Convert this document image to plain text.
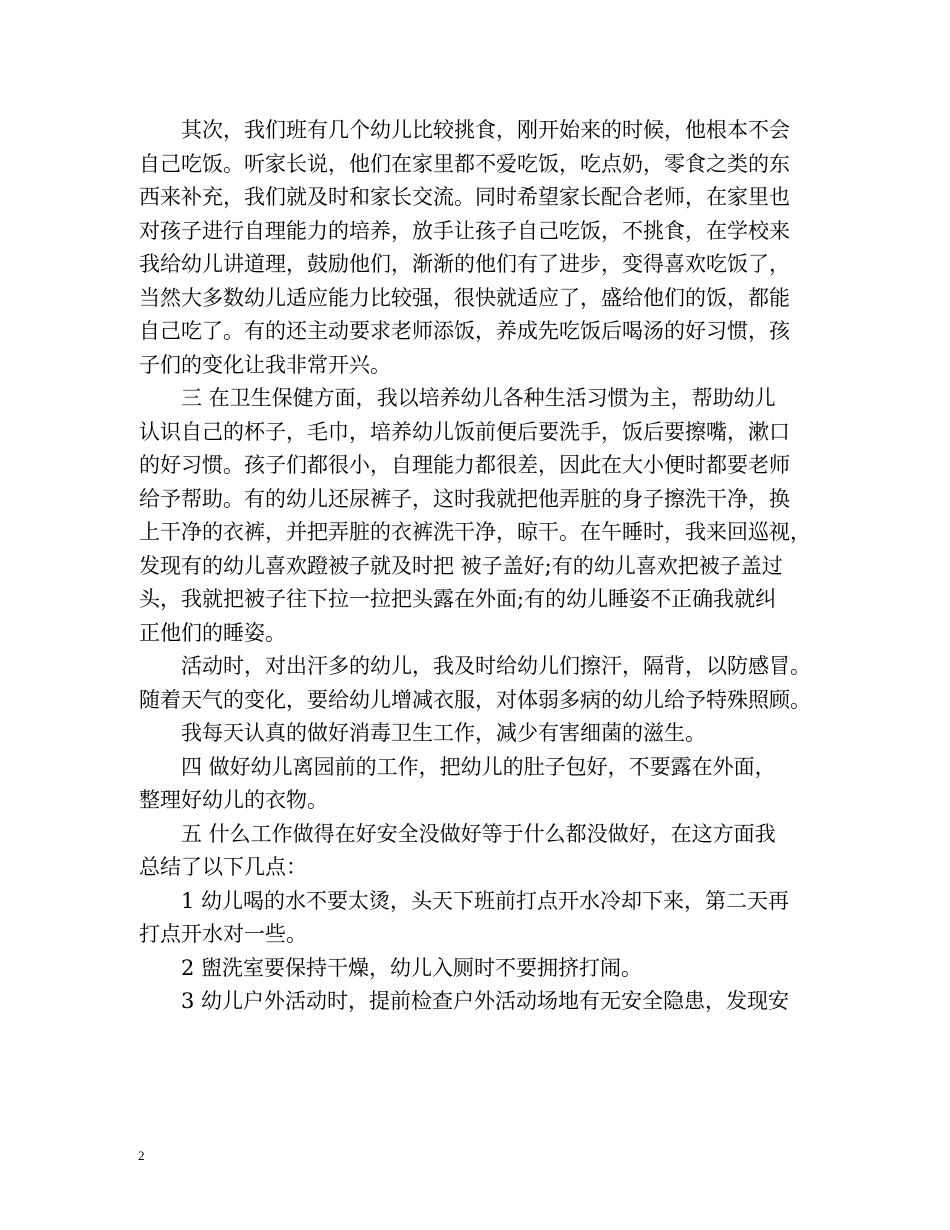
其次，我们班有几个幼儿比较挑食，刚开始来的时候，他根本不会
自己吃饭。听家长说，他们在家里都不爱吃饭，吃点奶，零食之类的东
西来补充，我们就及时和家长交流。同时希望家长配合老师，在家里也
对孩子进行自理能力的培养，放手让孩子自己吃饭，不挑食，在学校来
我给幼儿讲道理，鼓励他们，渐渐的他们有了进步，变得喜欢吃饭了，
当然大多数幼儿适应能力比较强，很快就适应了，盛给他们的饭，都能
自己吃了。有的还主动要求老师添饭，养成先吃饭后喝汤的好习惯，孩
子们的变化让我非常开兴。
三 在卫生保健方面，我以培养幼儿各种生活习惯为主，帮助幼儿
认识自己的杯子，毛巾，培养幼儿饭前便后要洗手，饭后要擦嘴，漱口
的好习惯。孩子们都很小，自理能力都很差，因此在大小便时都要老师
给予帮助。有的幼儿还尿裤子，这时我就把他弄脏的身子擦洗干净，换
上干净的衣裤，并把弄脏的衣裤洗干净，晾干。在午睡时，我来回巡视，
发现有的幼儿喜欢蹬被子就及时把 被子盖好;有的幼儿喜欢把被子盖过
头，我就把被子往下拉一拉把头露在外面;有的幼儿睡姿不正确我就纠
正他们的睡姿。
活动时，对出汗多的幼儿，我及时给幼儿们擦汗，隔背，以防感冒。
随着天气的变化，要给幼儿增减衣服，对体弱多病的幼儿给予特殊照顾。
我每天认真的做好消毒卫生工作，减少有害细菌的滋生。
四 做好幼儿离园前的工作，把幼儿的肚子包好，不要露在外面，
整理好幼儿的衣物。
五 什么工作做得在好安全没做好等于什么都没做好，在这方面我
总结了以下几点：
1 幼儿喝的水不要太烫，头天下班前打点开水冷却下来，第二天再
打点开水对一些。
2 盥洗室要保持干燥，幼儿入厕时不要拥挤打闹。
3 幼儿户外活动时，提前检查户外活动场地有无安全隐患，发现安
2
